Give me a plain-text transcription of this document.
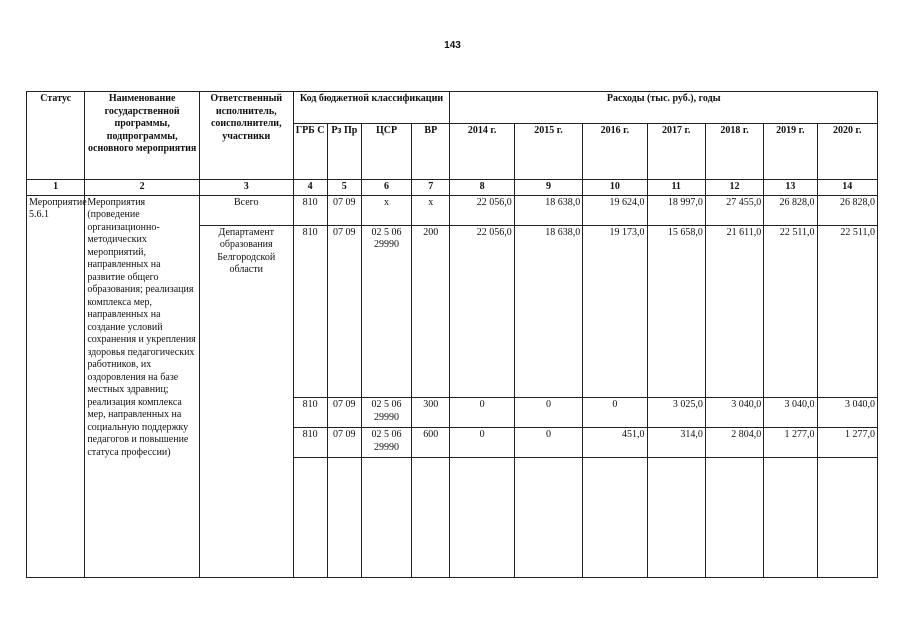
143
Статус	Наименование государственной программы, подпрограммы, основного мероприятия	Ответственный исполнитель, соисполнители, участники	Код бюджетной классификации				Расходы (тыс. руб.), годы						
			ГРБ С	Рз Пр	ЦСР	ВР	2014 г.	2015 г.	2016 г.	2017 г.	2018 г.	2019 г.	2020 г.
1	2	3	4	5	6	7	8	9	10	11	12	13	14
Мероприятие 5.6.1	Мероприятия (проведение организационно-методических мероприятий, направленных на развитие общего образования; реализация комплекса мер, направленных на создание условий сохранения и укрепления здоровья педагогических работников, их оздоровления на базе местных здравниц; реализация комплекса мер, направленных на социальную поддержку педагогов и повышение статуса профессии)	Всего	810	07 09	х	х	22 056,0	18 638,0	19 624,0	18 997,0	27 455,0	26 828,0	26 828,0
		Департамент образования Белгородской области	810	07 09	02 5 06 29990	200	22 056,0	18 638,0	19 173,0	15 658,0	21 611,0	22 511,0	22 511,0
			810	07 09	02 5 06 29990	300	0	0	0	3 025,0	3 040,0	3 040,0	3 040,0
			810	07 09	02 5 06 29990	600	0	0	451,0	314,0	2 804,0	1 277,0	1 277,0
